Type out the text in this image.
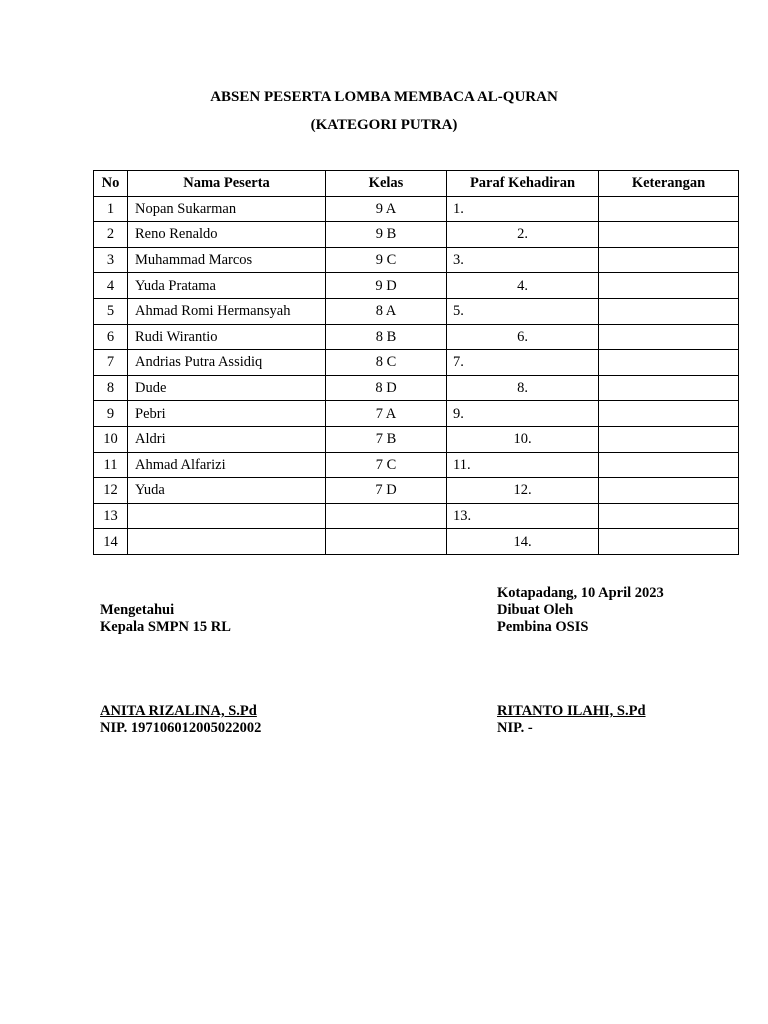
ABSEN PESERTA LOMBA MEMBACA AL-QURAN
(KATEGORI PUTRA)
No	Nama Peserta	Kelas	Paraf Kehadiran	Keterangan
1	Nopan Sukarman	9 A	1.	
2	Reno Renaldo	9 B	2.	
3	Muhammad Marcos	9 C	3.	
4	Yuda Pratama	9 D	4.	
5	Ahmad Romi Hermansyah	8 A	5.	
6	Rudi Wirantio	8 B	6.	
7	Andrias Putra Assidiq	8 C	7.	
8	Dude	8 D	8.	
9	Pebri	7 A	9.	
10	Aldri	7 B	10.	
11	Ahmad Alfarizi	7 C	11.	
12	Yuda	7 D	12.	
13			13.	
14			14.	
Kotapadang, 10 April 2023
Mengetahui
Kepala SMPN 15 RL
ANITA RIZALINA, S.Pd
NIP. 197106012005022002
Dibuat Oleh
Pembina OSIS
RITANTO ILAHI, S.Pd
NIP. -
